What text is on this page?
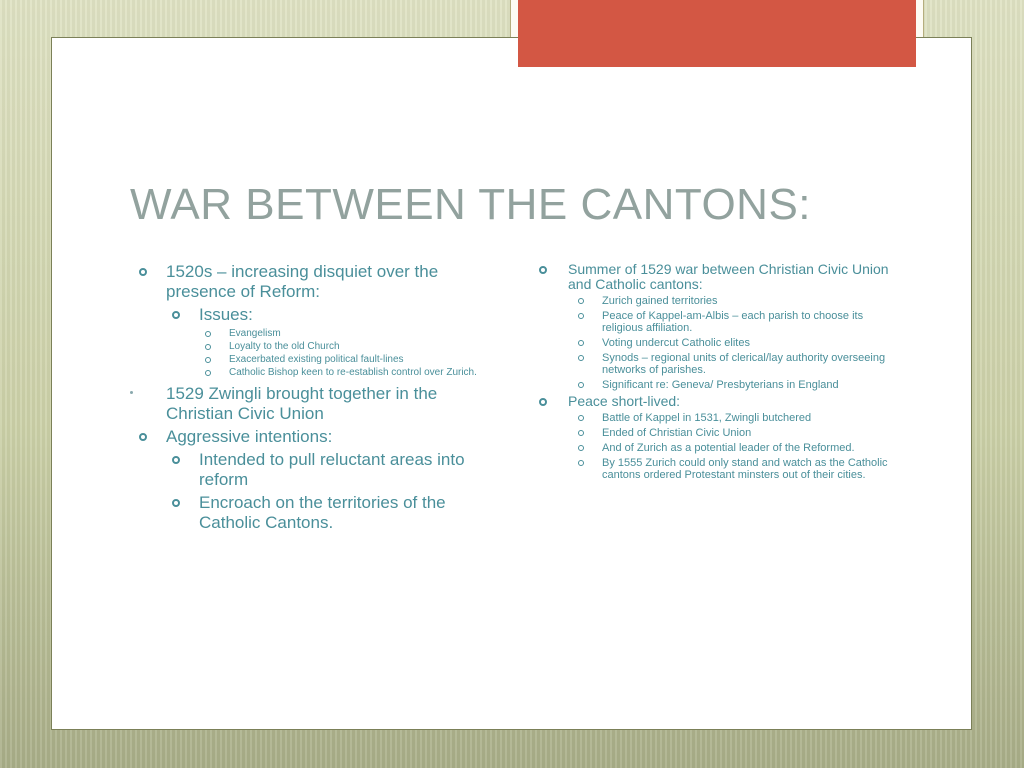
WAR BETWEEN THE CANTONS:
1520s – increasing disquiet over the presence of Reform:
Issues:
Evangelism
Loyalty to the old Church
Exacerbated existing political fault-lines
Catholic Bishop keen to re-establish control over Zurich.
1529 Zwingli brought together in the Christian Civic Union
Aggressive intentions:
Intended to pull reluctant areas into reform
Encroach on the territories of the Catholic Cantons.
Summer of 1529 war between Christian Civic Union and Catholic cantons:
Zurich gained territories
Peace of Kappel-am-Albis – each parish to choose its religious affiliation.
Voting undercut Catholic elites
Synods – regional units of clerical/lay authority overseeing networks of parishes.
Significant re: Geneva/ Presbyterians in England
Peace short-lived:
Battle of Kappel in 1531, Zwingli butchered
Ended of Christian Civic Union
And of Zurich as a potential leader of the Reformed.
By 1555 Zurich could only stand and watch as the Catholic cantons ordered Protestant minsters out of their cities.
